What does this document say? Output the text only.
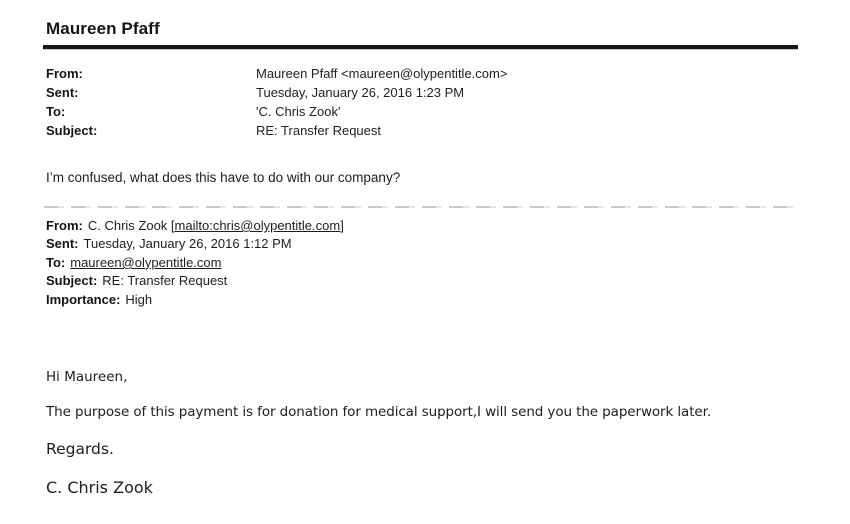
Maureen Pfaff
From:	Maureen Pfaff <maureen@olypentitle.com>
Sent:	Tuesday, January 26, 2016 1:23 PM
To:	'C. Chris Zook'
Subject:	RE: Transfer Request

I’m confused, what does this have to do with our company?

From: C. Chris Zook [mailto:chris@olypentitle.com]
Sent: Tuesday, January 26, 2016 1:12 PM
To: maureen@olypentitle.com
Subject: RE: Transfer Request
Importance: High

Hi Maureen,

The purpose of this payment is for donation for medical support,I will send you the paperwork later.

Regards.

C. Chris Zook
